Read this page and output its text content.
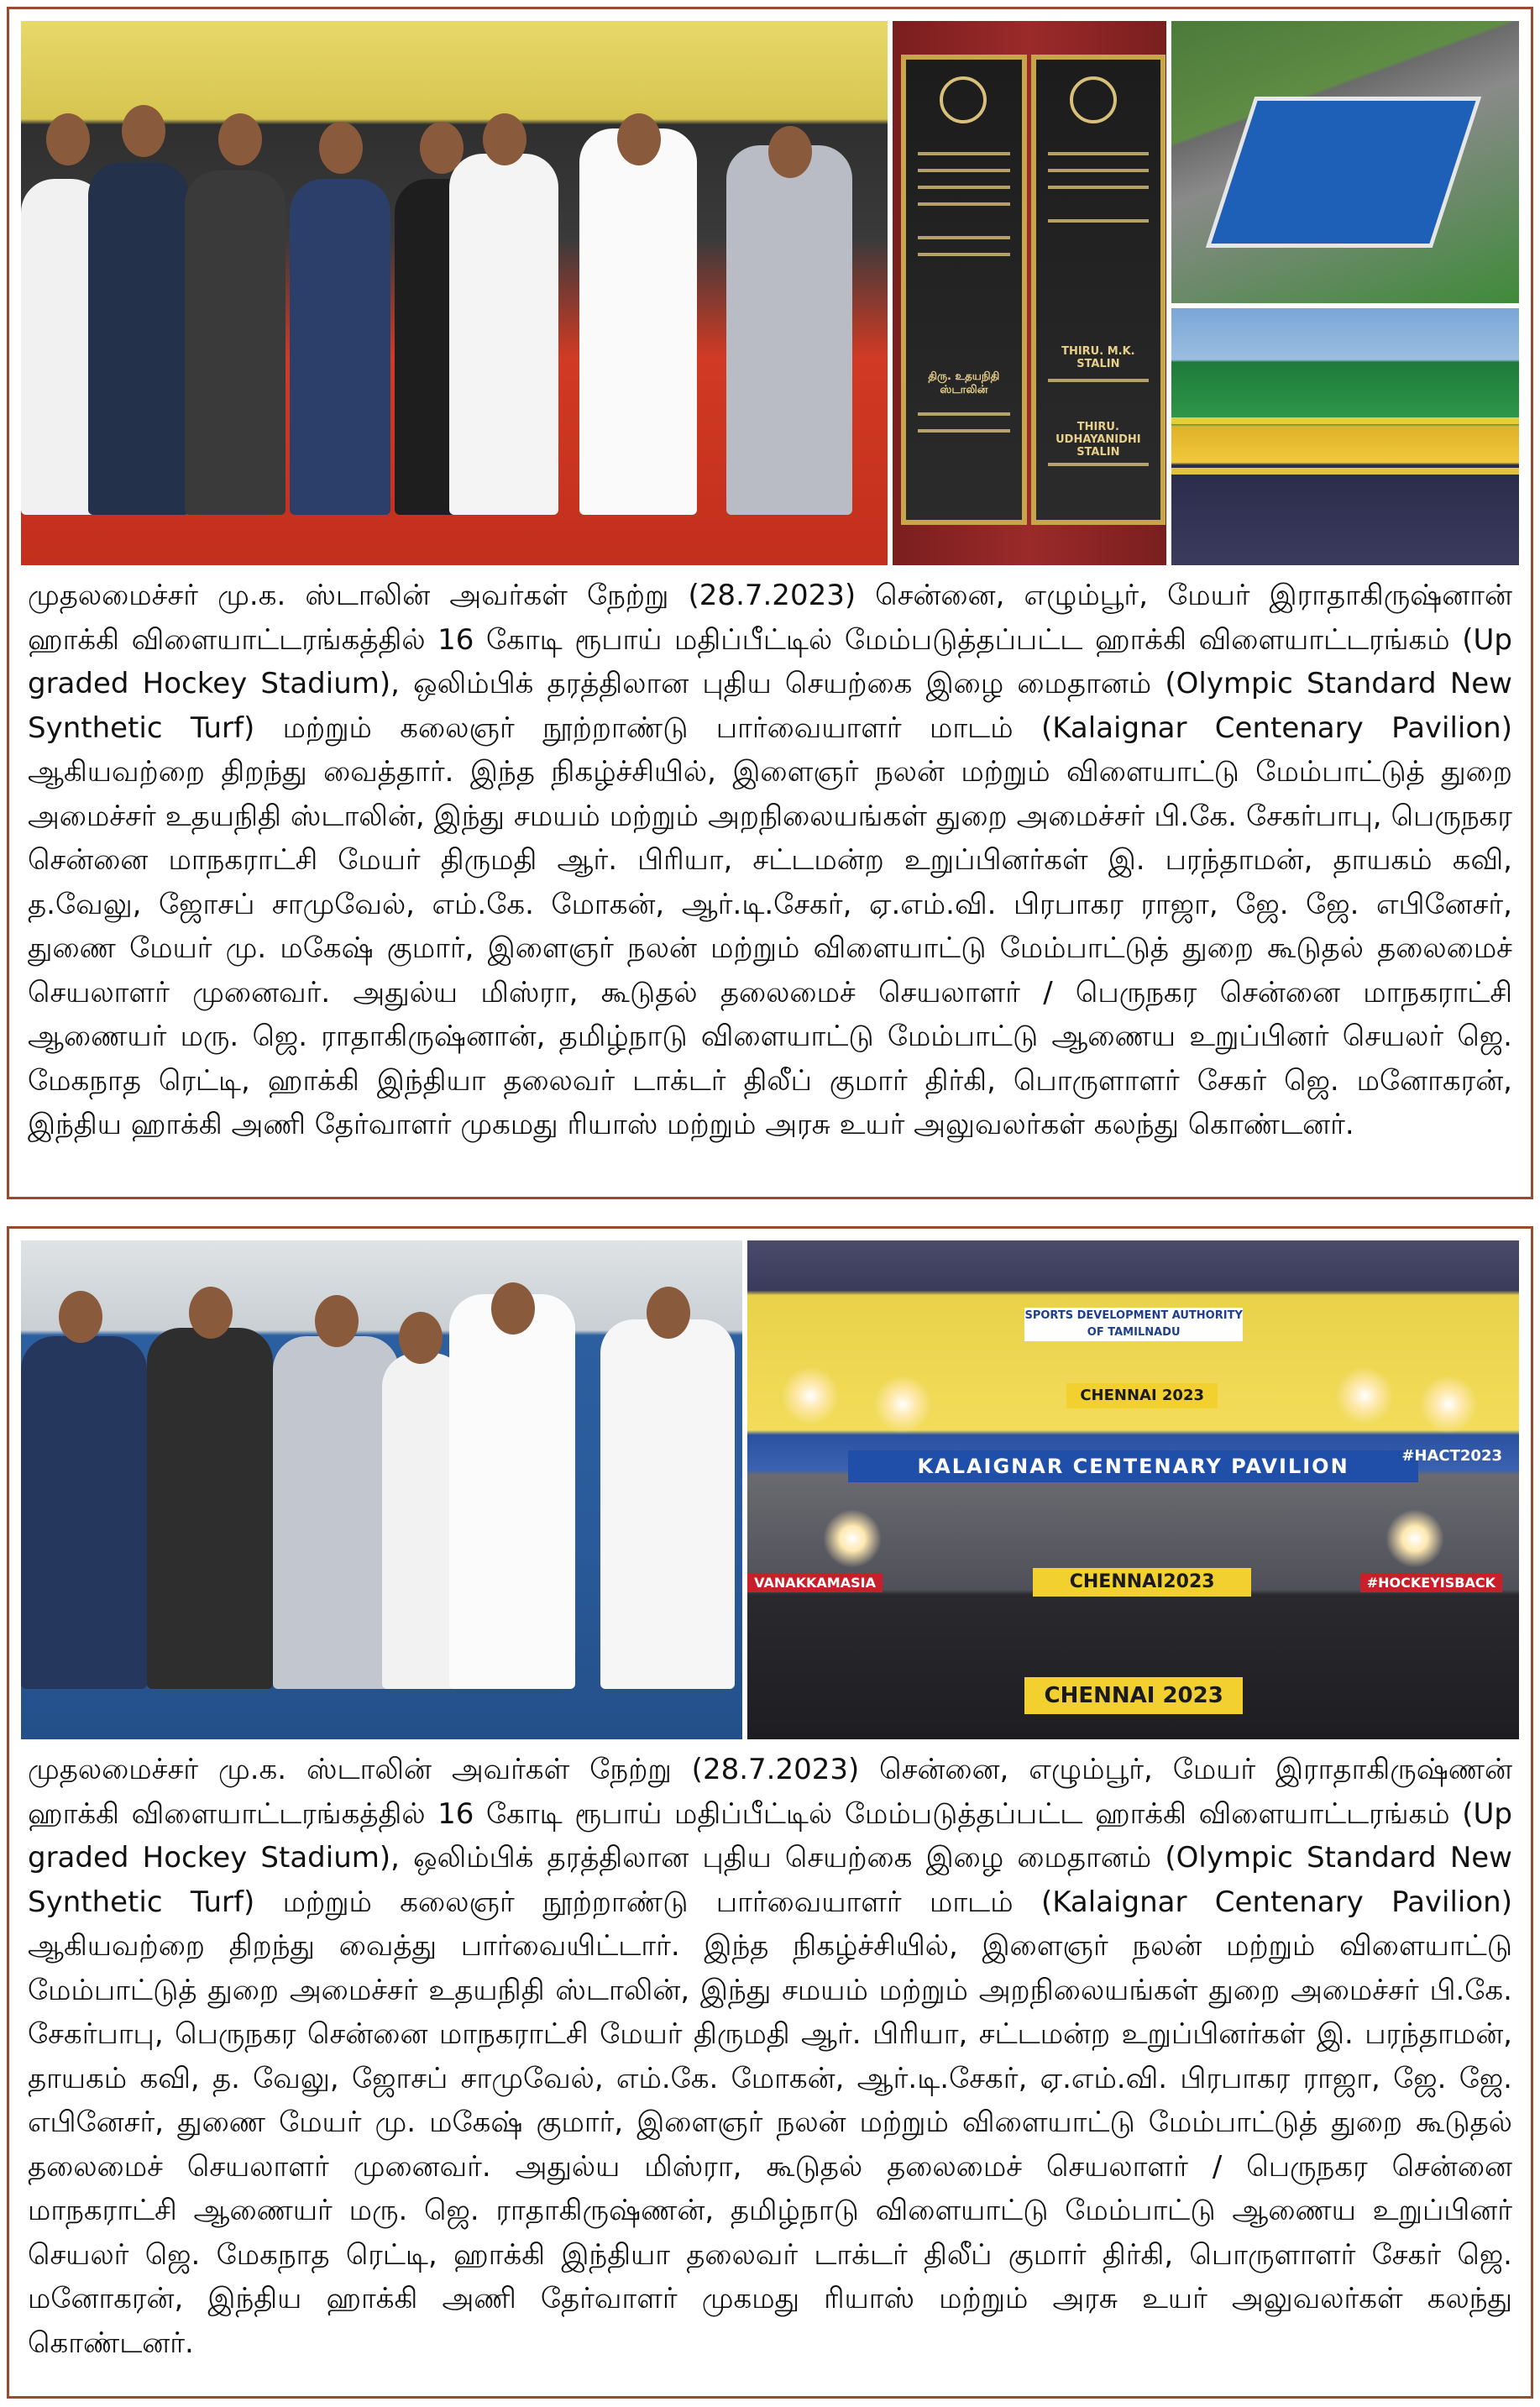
திரு. உதயநிதி ஸ்டாலின்
THIRU. M.K. STALIN
THIRU. UDHAYANIDHI STALIN
முதலமைச்சர் மு.க. ஸ்டாலின் அவர்கள் நேற்று (28.7.2023) சென்னை, எழும்பூர், மேயர் இராதாகிருஷ்னான் ஹாக்கி விளையாட்டரங்கத்தில் 16 கோடி ரூபாய் மதிப்பீட்டில் மேம்படுத்தப்பட்ட ஹாக்கி விளையாட்டரங்கம் (Up graded Hockey Stadium), ஒலிம்பிக் தரத்திலான புதிய செயற்கை இழை மைதானம் (Olympic Standard New Synthetic Turf) மற்றும் கலைஞர் நூற்றாண்டு பார்வையாளர் மாடம் (Kalaignar Centenary Pavilion) ஆகியவற்றை திறந்து வைத்தார். இந்த நிகழ்ச்சியில், இளைஞர் நலன் மற்றும் விளையாட்டு மேம்பாட்டுத் துறை அமைச்சர் உதயநிதி ஸ்டாலின், இந்து சமயம் மற்றும் அறநிலையங்கள் துறை அமைச்சர் பி.கே. சேகர்பாபு, பெருநகர சென்னை மாநகராட்சி மேயர் திருமதி ஆர். பிரியா, சட்டமன்ற உறுப்பினர்கள் இ. பரந்தாமன், தாயகம் கவி, த.வேலு, ஜோசப் சாமுவேல், எம்.கே. மோகன், ஆர்.டி.சேகர், ஏ.எம்.வி. பிரபாகர ராஜா, ஜே. ஜே. எபினேசர், துணை மேயர் மு. மகேஷ் குமார், இளைஞர் நலன் மற்றும் விளையாட்டு மேம்பாட்டுத் துறை கூடுதல் தலைமைச் செயலாளர் முனைவர். அதுல்ய மிஸ்ரா, கூடுதல் தலைமைச் செயலாளர் / பெருநகர சென்னை மாநகராட்சி ஆணையர் மரு. ஜெ. ராதாகிருஷ்னான், தமிழ்நாடு விளையாட்டு மேம்பாட்டு ஆணைய உறுப்பினர் செயலர் ஜெ. மேகநாத ரெட்டி, ஹாக்கி இந்தியா தலைவர் டாக்டர் திலீப் குமார் திர்கி, பொருளாளர் சேகர் ஜெ. மனோகரன், இந்திய ஹாக்கி அணி தேர்வாளர் முகமது ரியாஸ் மற்றும் அரசு உயர் அலுவலர்கள் கலந்து கொண்டனர்.
SPORTS DEVELOPMENT AUTHORITY OF TAMILNADU
CHENNAI 2023
KALAIGNAR CENTENARY PAVILION
CHENNAI2023
CHENNAI 2023
#HACT2023
#HOCKEYISBACK
VANAKKAMASIA
முதலமைச்சர் மு.க. ஸ்டாலின் அவர்கள் நேற்று (28.7.2023) சென்னை, எழும்பூர், மேயர் இராதாகிருஷ்ணன் ஹாக்கி விளையாட்டரங்கத்தில் 16 கோடி ரூபாய் மதிப்பீட்டில் மேம்படுத்தப்பட்ட ஹாக்கி விளையாட்டரங்கம் (Up graded Hockey Stadium), ஒலிம்பிக் தரத்திலான புதிய செயற்கை இழை மைதானம் (Olympic Standard New Synthetic Turf) மற்றும் கலைஞர் நூற்றாண்டு பார்வையாளர் மாடம் (Kalaignar Centenary Pavilion) ஆகியவற்றை திறந்து வைத்து பார்வையிட்டார். இந்த நிகழ்ச்சியில், இளைஞர் நலன் மற்றும் விளையாட்டு மேம்பாட்டுத் துறை அமைச்சர் உதயநிதி ஸ்டாலின், இந்து சமயம் மற்றும் அறநிலையங்கள் துறை அமைச்சர் பி.கே. சேகர்பாபு, பெருநகர சென்னை மாநகராட்சி மேயர் திருமதி ஆர். பிரியா, சட்டமன்ற உறுப்பினர்கள் இ. பரந்தாமன், தாயகம் கவி, த. வேலு, ஜோசப் சாமுவேல், எம்.கே. மோகன், ஆர்.டி.சேகர், ஏ.எம்.வி. பிரபாகர ராஜா, ஜே. ஜே. எபினேசர், துணை மேயர் மு. மகேஷ் குமார், இளைஞர் நலன் மற்றும் விளையாட்டு மேம்பாட்டுத் துறை கூடுதல் தலைமைச் செயலாளர் முனைவர். அதுல்ய மிஸ்ரா, கூடுதல் தலைமைச் செயலாளர் / பெருநகர சென்னை மாநகராட்சி ஆணையர் மரு. ஜெ. ராதாகிருஷ்ணன், தமிழ்நாடு விளையாட்டு மேம்பாட்டு ஆணைய உறுப்பினர் செயலர் ஜெ. மேகநாத ரெட்டி, ஹாக்கி இந்தியா தலைவர் டாக்டர் திலீப் குமார் திர்கி, பொருளாளர் சேகர் ஜெ. மனோகரன், இந்திய ஹாக்கி அணி தேர்வாளர் முகமது ரியாஸ் மற்றும் அரசு உயர் அலுவலர்கள் கலந்து கொண்டனர்.
